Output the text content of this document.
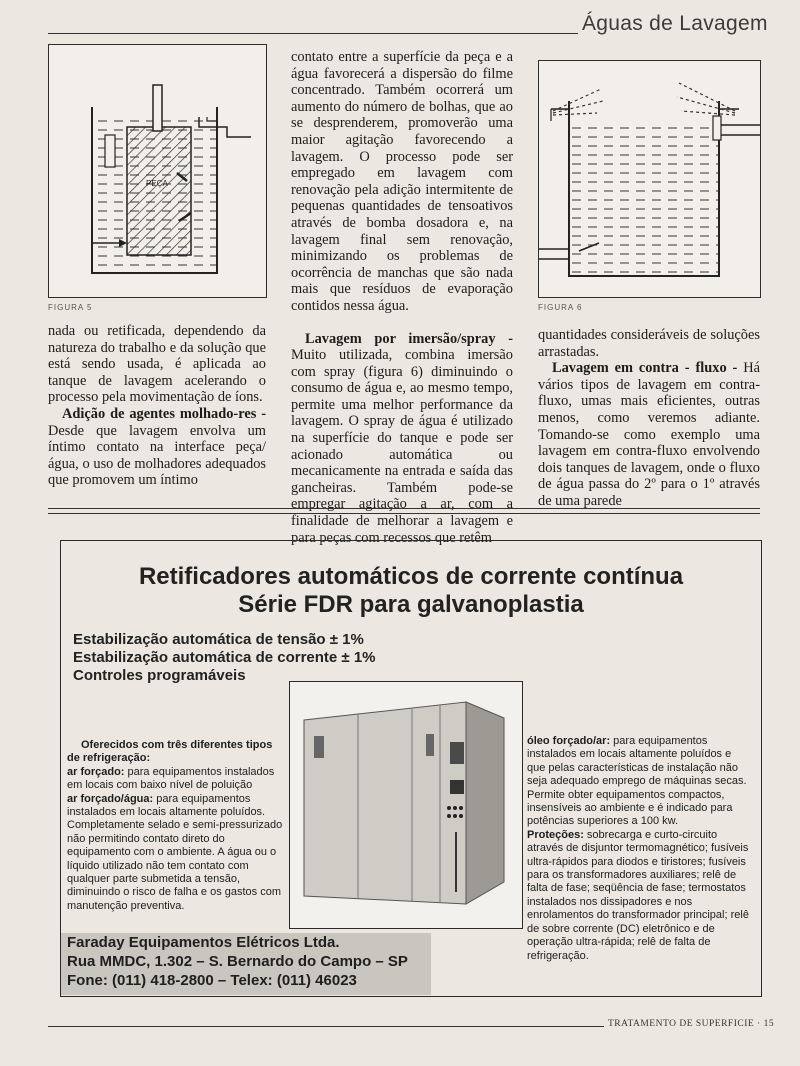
Águas de Lavagem
PEÇA
FIGURA 5	FIGURA 6

nada ou retificada, dependendo da natureza do trabalho e da solução que está sendo usada, é aplicada ao tanque de lavagem acelerando o processo pela movimentação de íons.

Adição de agentes molhado-res - Desde que lavagem envolva um íntimo contato na interface peça/água, o uso de molhadores adequados que promovem um íntimo

contato entre a superfície da peça e a água favorecerá a dispersão do filme concentrado. Também ocorrerá um aumento do número de bolhas, que ao se desprenderem, promoverão uma maior agitação favorecendo a lavagem. O processo pode ser empregado em lavagem com renovação pela adição intermitente de pequenas quantidades de tensoativos através de bomba dosadora e, na lavagem final sem renovação, minimizando os problemas de ocorrência de manchas que são nada mais que resíduos de evaporação contidos nessa água.

Lavagem por imersão/spray - Muito utilizada, combina imersão com spray (figura 6) diminuindo o consumo de água e, ao mesmo tempo, permite uma melhor performance da lavagem. O spray de água é utilizado na superfície do tanque e pode ser acionado automática ou mecanicamente na entrada e saída das gancheiras. Também pode-se empregar agitação a ar, com a finalidade de melhorar a lavagem e para peças com recessos que retêm

quantidades consideráveis de soluções arrastadas.

Lavagem em contra - fluxo - Há vários tipos de lavagem em contra-fluxo, umas mais eficientes, outras menos, como veremos adiante. Tomando-se como exemplo uma lavagem em contra-fluxo envolvendo dois tanques de lavagem, onde o fluxo de água passa do 2º para o 1º através de uma parede

Retificadores automáticos de corrente contínua
Série FDR para galvanoplastia
Estabilização automática de tensão ± 1%
Estabilização automática de corrente ± 1%
Controles programáveis

Oferecidos com três diferentes tipos de refrigeração:

ar forçado: para equipamentos instalados em locais com baixo nível de poluição

ar forçado/água: para equipamentos instalados em locais altamente poluídos. Completamente selado e semi-pressurizado não permitindo contato direto do equipamento com o ambiente. A água ou o líquido utilizado não tem contato com qualquer parte submetida a tensão, diminuindo o risco de falha e os gastos com manutenção preventiva.

óleo forçado/ar: para equipamentos instalados em locais altamente poluídos e que pelas características de instalação não seja adequado emprego de máquinas secas. Permite obter equipamentos compactos, insensíveis ao ambiente e é indicado para potências superiores a 100 kw.

Proteções: sobrecarga e curto-circuito através de disjuntor termomagnético; fusíveis ultra-rápidos para diodos e tiristores; fusíveis para os transformadores auxiliares; relê de falta de fase; seqüência de fase; termostatos instalados nos dissipadores e nos enrolamentos do transformador principal; relê de sobre corrente (DC) eletrônico e de operação ultra-rápida; relê de falta de refrigeração.

Faraday Equipamentos Elétricos Ltda.
Rua MMDC, 1.302 – S. Bernardo do Campo – SP
Fone: (011) 418-2800 – Telex: (011) 46023
TRATAMENTO DE SUPERFICIE · 15
